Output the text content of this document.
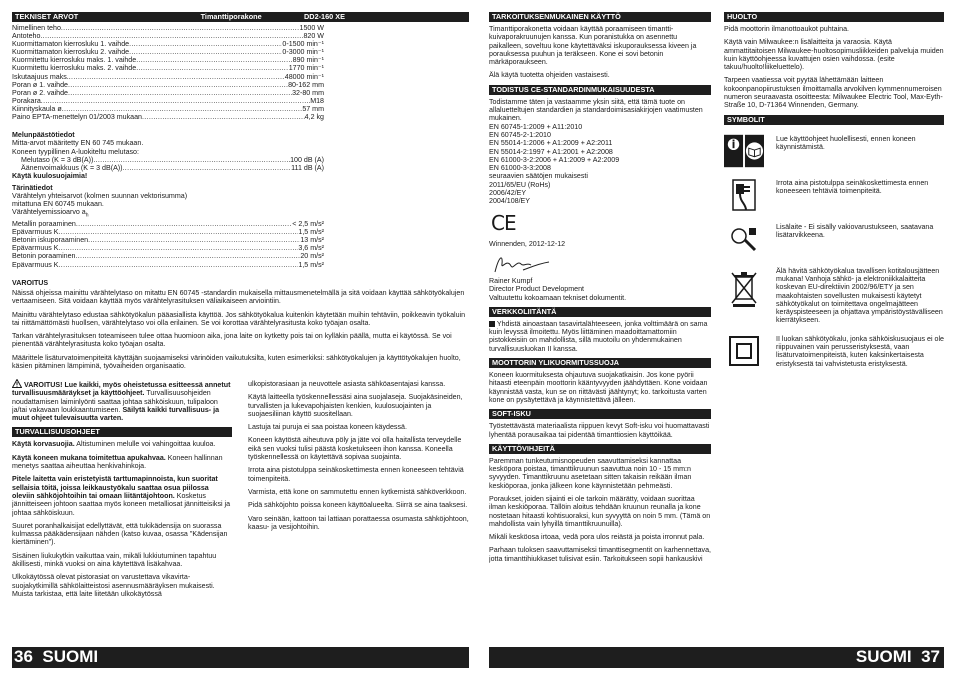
TEKNISET ARVOT	Timanttiporakone	DD2-160 XE
Nimellinen teho .....	1500 W
Antoteho .....	820 W
Kuormittamaton kierrosluku 1. vaihde .....	0-1500 min⁻¹
Kuormittamaton kierrosluku 2. vaihde .....	0-3000 min⁻¹
Kuormitettu kierrosluku maks. 1. vaihde .....	890 min⁻¹
Kuormitettu kierrosluku maks. 2. vaihde .....	1770 min⁻¹
Iskutaajuus maks. .....	48000 min⁻¹
Poran ø 1. vaihde .....	80-162 mm
Poran ø 2. vaihde .....	32-80 mm
Porakara .....	M18
Kiinnityskaula ø .....	57 mm
Paino EPTA-menettelyn 01/2003 mukaan .....	4,2 kg
Melunpäästötiedot
Mitta-arvot määritetty EN 60 745 mukaan.
Koneen tyypillinen A-luokiteltu melutaso:
Melutaso (K = 3 dB(A)) .....	100 dB (A)
Äänenvoimakkuus (K = 3 dB(A)) .....	111 dB (A)
Käytä kuulosuojaimia!
Tärinätiedot
Värähtelyn yhteisarvot (kolmen suunnan vektorisumma)
mitattuna EN 60745 mukaan.
Värähtelyemissioarvo $a_h$
Metallin poraaminen .....	< 2,5 m/s²
Epävarmuus K .....	1,5 m/s²
Betonin iskuporaaminen .....	13 m/s²
Epävarmuus K .....	3,6 m/s²
Betonin poraaminen .....	20 m/s²
Epävarmuus K .....	1,5 m/s²
VAROITUS

Näissä ohjeissa mainittu värähtelytaso on mitattu EN 60745 -standardin mukaisella mittausmenetelmällä ja sitä voidaan käyttää sähkötyökalujen vertaamiseen. Sitä voidaan käyttää myös värähtelyrasituksen väliaikaiseen arviointiin.

Mainittu värähtelytaso edustaa sähkötyökalun pääasiallista käyttöä. Jos sähkötyökalua kuitenkin käytetään muihin tehtäviin, poikkeavin työkaluin tai riittämättömästi huollsen, värähtelytaso voi olla erilainen. Se voi korottaa värähtelyrasitusta koko työajan osalta.

Tarkan värähtelyrasituksen toteamiseen tulee ottaa huomioon aika, jona laite on kytketty pois tai on kylläkin päällä, mutta ei käytössä. Se voi pienentää värähtelyrasitusta koko työajan osalta.

Määrittele lisäturvatoimenpiteitä käyttäjän suojaamiseksi värinöiden vaikutuksilta, kuten esimerkiksi: sähkötyökalujen ja käyttötyökalujen huolto, käsien pitäminen lämpiminä, työvaiheiden organisaatio.

VAROITUS! Lue kaikki, myös oheistetussa esitteessä annetut turvallisuusmääräykset ja käyttöohjeet. Turvallisuusohjeiden noudattamisen laiminlyönti saattaa johtaa sähköiskuun, tulipaloon ja/tai vakavaan loukkaantumiseen. Säilytä kaikki turvallisuus- ja muut ohjeet tulevaisuutta varten.

TURVALLISUUSOHJEET

Käytä korvasuojia. Altistuminen melulle voi vahingoittaa kuuloa.

Käytä koneen mukana toimitettua apukahvaa. Koneen hallinnan menetys saattaa aiheuttaa henkivahinkoja.

Pitele laitetta vain eristetyistä tarttumapinnoista, kun suoritat sellaisia töitä, joissa leikkaustyökalu saattaa osua piilossa oleviin sähköjohtoihin tai omaan liitäntäjohtoon. Kosketus jännitteiseen johtoon saattaa myös koneen metalliosat jännitteisiksi ja johtaa sähköiskuun.

Suuret poranhalkaisijat edellyttävät, että tukikädensija on suorassa kulmassa pääkädensijaan nähden (katso kuvaa, osassa "Kädensijan kiertäminen").

Sisäinen liukukytkin vaikuttaa vain, mikäli lukkiutuminen tapahtuu äkillisesti, minkä vuoksi on aina käytettävä lisäkahvaa.

Ulkokäytössä olevat pistorasiat on varustettava vikavirta-suojakytkimillä sähkölaitteistosi asennusmääräyksen mukaisesti. Muista tarkistaa, että laite liitetään ulkokäytössä

ulkopistorasiaan ja neuvottele asiasta sähköasentajasi kanssa.

Käytä laitteella työskennellessäsi aina suojalaseja. Suojakäsineiden, turvallisten ja lukevapohjaisten kenkien, kuulosuojainten ja suojaesiliinan käyttö suositellaan.

Lastuja tai puruja ei saa poistaa koneen käydessä.

Koneen käytöstä aiheutuva pöly ja jäte voi olla haitallista terveydelle eikä sen vuoksi tulisi päästä kosketukseen ihon kanssa. Koneella työskennellessä on käytettävä sopivaa suojainta.

Irrota aina pistotulppa seinäkoskettimesta ennen koneeseen tehtäviä toimenpiteitä.

Varmista, että kone on sammutettu ennen kytkemistä sähköverkkoon.

Pidä sähköjohto poissa koneen käyttöalueelta. Siirrä se aina taaksesi.

Varo seinään, kattoon tai lattiaan porattaessa osumasta sähköjohtoon, kaasu- ja vesijohtoihin.

TARKOITUKSENMUKAINEN KÄYTTÖ

Timanttiporakonetta voidaan käyttää poraamiseen timantti-kuivaporakruunujen kanssa. Kun poranistukka on asennettu paikalleen, soveltuu kone käytettäväksi iskuporauksessa kiveen ja porauksessa puuhun ja teräkseen. Kone ei sovi betonin märkäporaukseen.

Älä käytä tuotetta ohjeiden vastaisesti.

TODISTUS CE-STANDARDINMUKAISUUDESTA
Todistamme täten ja vastaamme yksin siitä, että tämä tuote on allaluetteltujen standardien ja standardoimisasiakirjojen vaatimusten mukainen.
EN 60745-1:2009 + A11:2010
EN 60745-2-1:2010
EN 55014-1:2006 + A1:2009 + A2:2011
EN 55014-2:1997 + A1:2001 + A2:2008
EN 61000-3-2:2006 + A1:2009 + A2:2009
EN 61000-3-3:2008
seuraavien säätöjen mukaisesti
2011/65/EU (RoHs)
2006/42/EY
2004/108/EY
CE
Winnenden, 2012-12-12
Rainer Kumpf
Director Product Development
Valtuutettu kokoamaan tekniset dokumentit.
VERKKOLIITÄNTÄ

Yhdistä ainoastaan tasavirtalähteeseen, jonka volttimäärä on sama kuin levyssä ilmoitettu. Myös liittäminen maadoittamattomiin pistokkeisiin on mahdollista, sillä muotoilu on yhdenmukainen turvallisuusluokan II kanssa.

MOOTTORIN YLIKUORMITUSSUOJA

Koneen kuormituksesta ohjautuva suojakatkaisin. Jos kone pyörii hitaasti eteenpäin moottorin kääntyvyyden jäähdyttäen. Kone voidaan käynnistää vasta, kun se on riittävästi jäähtynyt; ko. tarkoitusta varten kone on pysäytettävä ja käynnistettävä jälleen.

SOFT-ISKU

Työstettävästä materiaalista riippuen kevyt Soft-isku voi huomattavasti lyhentää porausaikaa tai pidentää timanttiosien käyttöikää.

KÄYTTÖVIHJEITÄ

Paremman tunkeutumisnopeuden saavuttamiseksi kannattaa kesköpora poistaa, timanttikruunun saavuttua noin 10 - 15 mm:n syvyyden. Timanttikruunu asetetaan sitten takaisin reikään ilman keskiöporaa, jonka jälkeen kone käynnistetään pehmeästi.

Poraukset, joiden sijainti ei ole tarkoin määrätty, voidaan suorittaa ilman keskiöporaa. Tällöin aloitus tehdään kruunun reunalla ja kone nostetaan hitaasti kohtisuoraksi, kun syvyyttä on noin 5 mm. (Tämä on mahdollista vain lyhyillä timanttikruunuilla).

Mikäli kesköosa irtoaa, vedä pora ulos reiästä ja poista irronnut pala.

Parhaan tuloksen saavuttamiseksi timanttisegmentit on karhennettava, jotta timanttihiukkaset tulisivat esiin. Tarkoitukseen sopii hankauskivi

HUOLTO

Pidä moottorin ilmanottoaukot puhtaina.

Käytä vain Milwaukee:n lisälaitteita ja varaosia. Käytä ammattitaitoisen Milwaukee-huoltosopimusliikkeiden palveluja muiden kuin käyttöohjeessa kuvattujen osien vaihdossa. (esite takuu/huolto!liikeluettelo).

Tarpeen vaatiessa voit pyytää lähettämään laitteen kokoonpanopiirustuksen ilmoittamalla arvokilven kymmennumeroisen numeron seuraavasta osoitteesta: Milwaukee Electric Tool, Max-Eyth-Straße 10, D-71364 Winnenden, Germany.

SYMBOLIT
Lue käyttöohjeet huolellisesti, ennen koneen käynnistämistä.
Irrota aina pistotulppa seinäkoskettimesta ennen koneeseen tehtäviä toimenpiteitä.
Lisälaite - Ei sisälly vakiovarustukseen, saatavana lisätarvikkeena.
Älä hävitä sähkötyökalua tavallisen kotitalousjätteen mukana! Vanhoja sähkö- ja elektroniikkalaitteita koskevan EU-direktiivin 2002/96/ETY ja sen maakohtaisten sovellusten mukaisesti käytetyt sähkötyökalut on toimitettava ongelmajätteen keräyspisteeseen ja ohjattava ympäristöystävälliseen kierrätykseen.
II luokan sähkötyökalu, jonka sähköiskusuojaus ei ole riippuvainen vain perusseristyksestä, vaan lisäturvatoimenpiteistä, kuten kaksinkertaisesta eristyksestä tai vahvistetusta eristyksestä.
36 SUOMI	SUOMI 37
